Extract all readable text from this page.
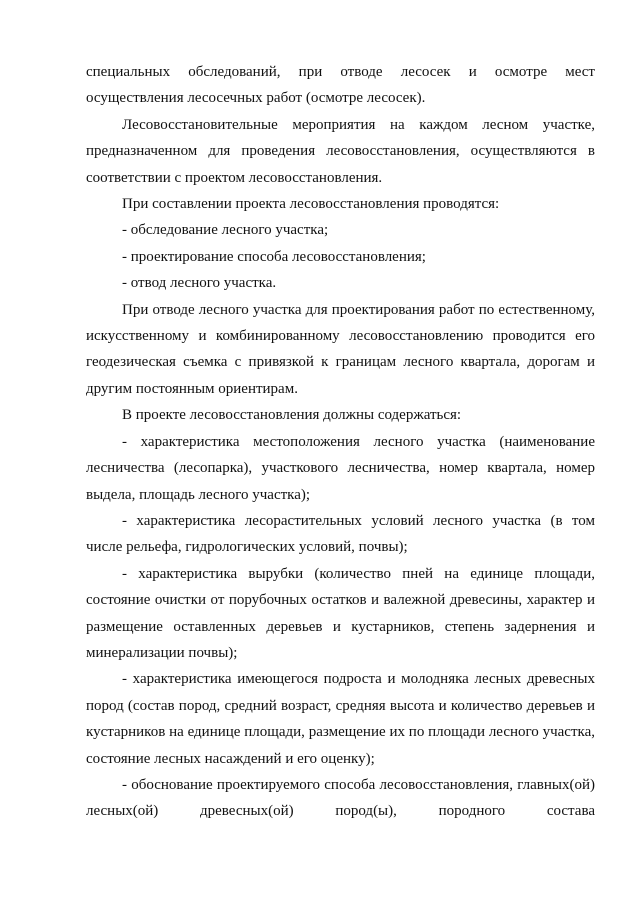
специальных обследований, при отводе лесосек и осмотре мест осуществления лесосечных работ (осмотре лесосек).

Лесовосстановительные мероприятия на каждом лесном участке, предназначенном для проведения лесовосстановления, осуществляются в соответствии с проектом лесовосстановления.

При составлении проекта лесовосстановления проводятся:

- обследование лесного участка;

- проектирование способа лесовосстановления;

- отвод лесного участка.

При отводе лесного участка для проектирования работ по естественному, искусственному и комбинированному лесовосстановлению проводится его геодезическая съемка с привязкой к границам лесного квартала, дорогам и другим постоянным ориентирам.

В проекте лесовосстановления должны содержаться:

- характеристика местоположения лесного участка (наименование лесничества (лесопарка), участкового лесничества, номер квартала, номер выдела, площадь лесного участка);

- характеристика лесорастительных условий лесного участка (в том числе рельефа, гидрологических условий, почвы);

- характеристика вырубки (количество пней на единице площади, состояние очистки от порубочных остатков и валежной древесины, характер и размещение оставленных деревьев и кустарников, степень задернения и минерализации почвы);

- характеристика имеющегося подроста и молодняка лесных древесных пород (состав пород, средний возраст, средняя высота и количество деревьев и кустарников на единице площади, размещение их по площади лесного участка, состояние лесных насаждений и его оценку);

- обоснование проектируемого способа лесовосстановления, главных(ой) лесных(ой) древесных(ой) пород(ы), породного состава
